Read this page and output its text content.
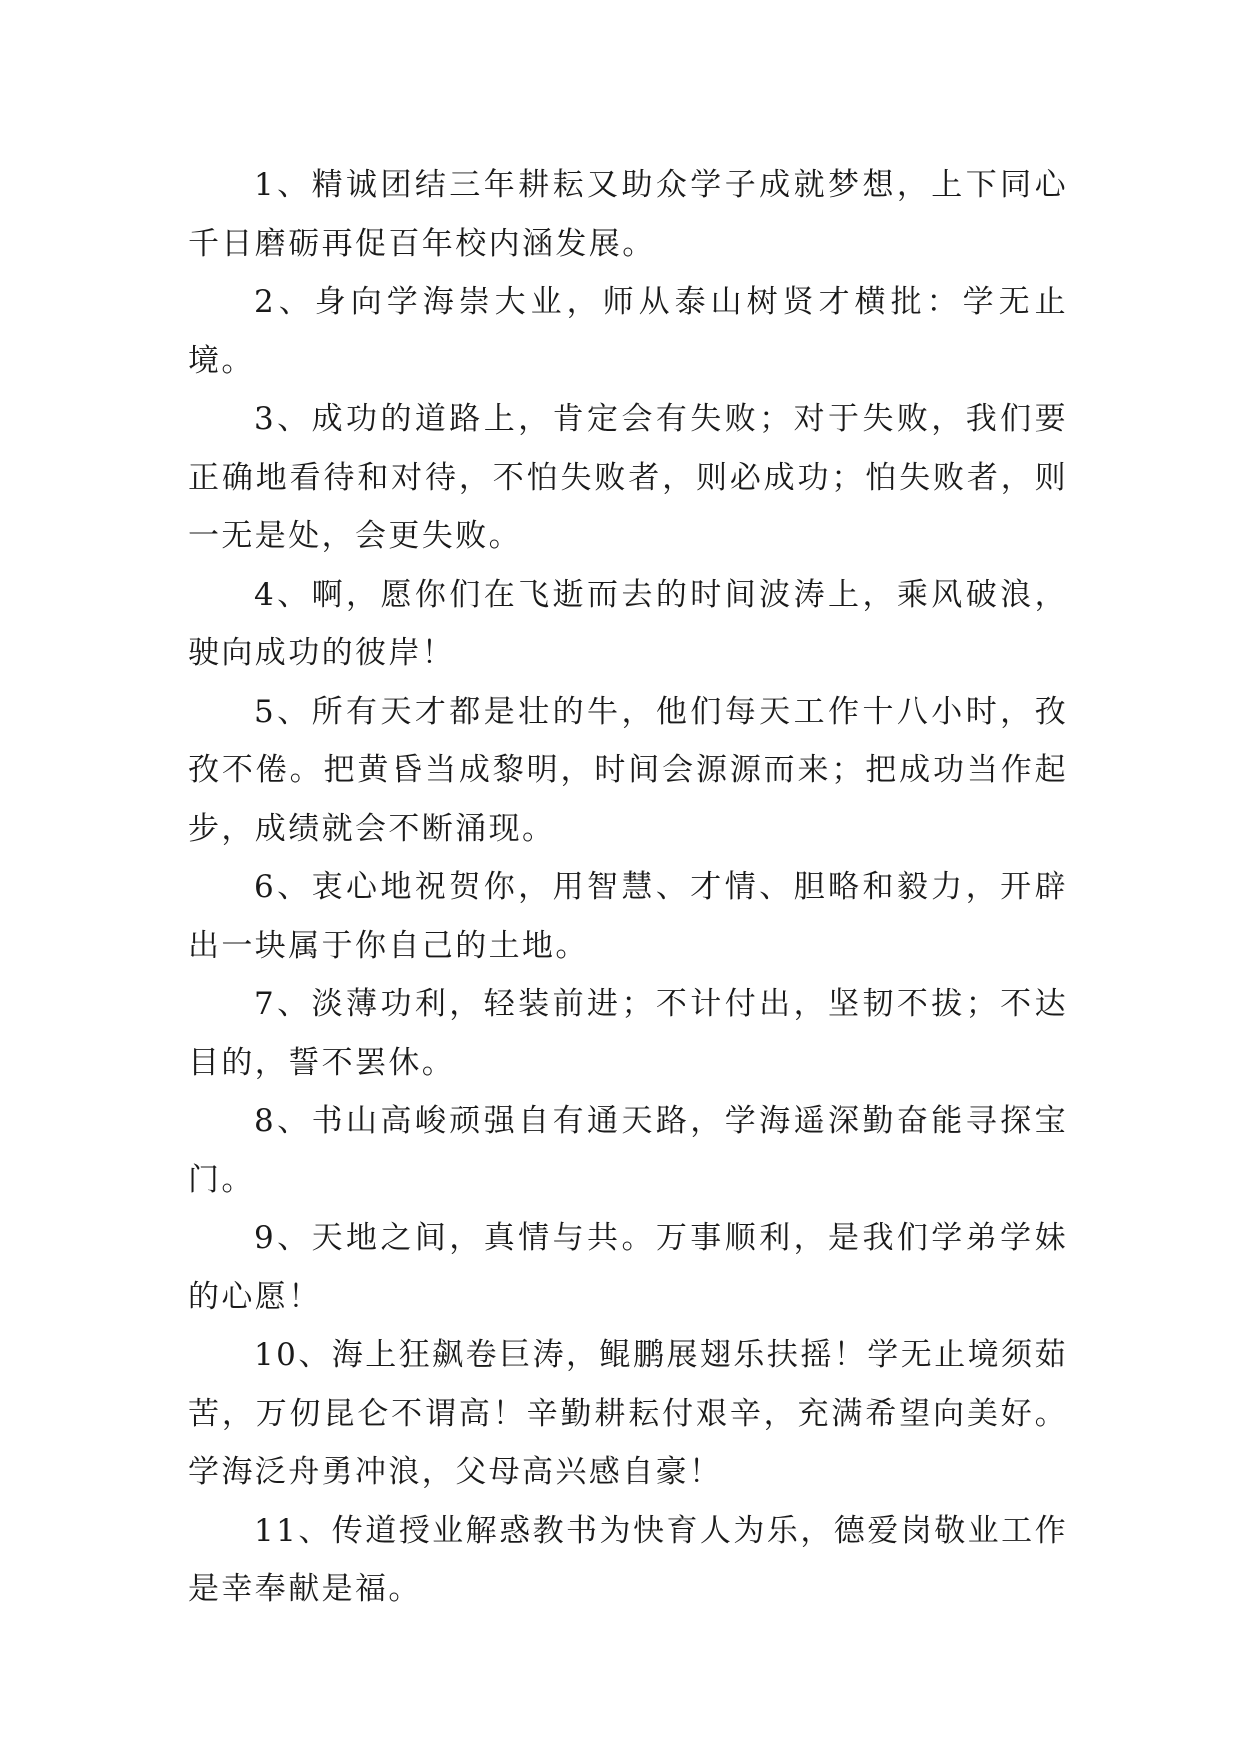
1、精诚团结三年耕耘又助众学子成就梦想，上下同心千日磨砺再促百年校内涵发展。

2、身向学海崇大业，师从泰山树贤才横批：学无止境。

3、成功的道路上，肯定会有失败；对于失败，我们要正确地看待和对待，不怕失败者，则必成功；怕失败者，则一无是处，会更失败。

4、啊，愿你们在飞逝而去的时间波涛上，乘风破浪，驶向成功的彼岸！

5、所有天才都是壮的牛，他们每天工作十八小时，孜孜不倦。把黄昏当成黎明，时间会源源而来；把成功当作起步，成绩就会不断涌现。

6、衷心地祝贺你，用智慧、才情、胆略和毅力，开辟出一块属于你自己的土地。

7、淡薄功利，轻装前进；不计付出，坚韧不拔；不达目的，誓不罢休。

8、书山高峻顽强自有通天路，学海遥深勤奋能寻探宝门。

9、天地之间，真情与共。万事顺利，是我们学弟学妹的心愿！

10、海上狂飙卷巨涛，鲲鹏展翅乐扶摇！学无止境须茹苦，万仞昆仑不谓高！辛勤耕耘付艰辛，充满希望向美好。学海泛舟勇冲浪，父母高兴感自豪！

11、传道授业解惑教书为快育人为乐，德爱岗敬业工作是幸奉献是福。
